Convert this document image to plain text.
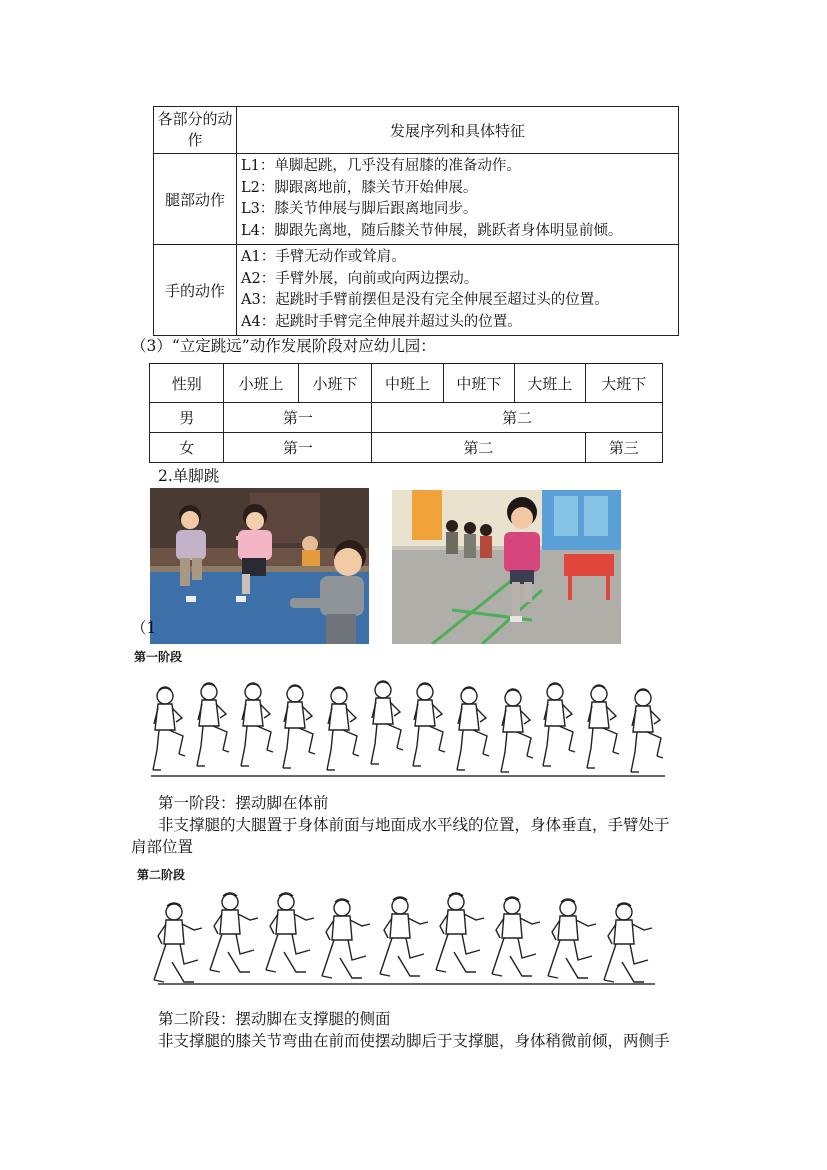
各部分的动作	发展序列和具体特征
腿部动作	L1：单脚起跳，几乎没有屈膝的准备动作。
L2：脚跟离地前，膝关节开始伸展。
L3：膝关节伸展与脚后跟离地同步。
L4：脚跟先离地，随后膝关节伸展，跳跃者身体明显前倾。

手的动作	A1：手臂无动作或耸肩。
A2：手臂外展，向前或向两边摆动。
A3：起跳时手臂前摆但是没有完全伸展至超过头的位置。
A4：起跳时手臂完全伸展并超过头的位置。
（3）“立定跳远”动作发展阶段对应幼儿园：
性别	小班上	小班下	中班上	中班下	大班上	大班下
男	第一		第二			
女	第一		第二			第三
2.单脚跳
（1
第一阶段
第一阶段：摆动脚在体前
非支撑腿的大腿置于身体前面与地面成水平线的位置，身体垂直，手臂处于
肩部位置
第二阶段
第二阶段：摆动脚在支撑腿的侧面
非支撑腿的膝关节弯曲在前而使摆动脚后于支撑腿，身体稍微前倾，两侧手
